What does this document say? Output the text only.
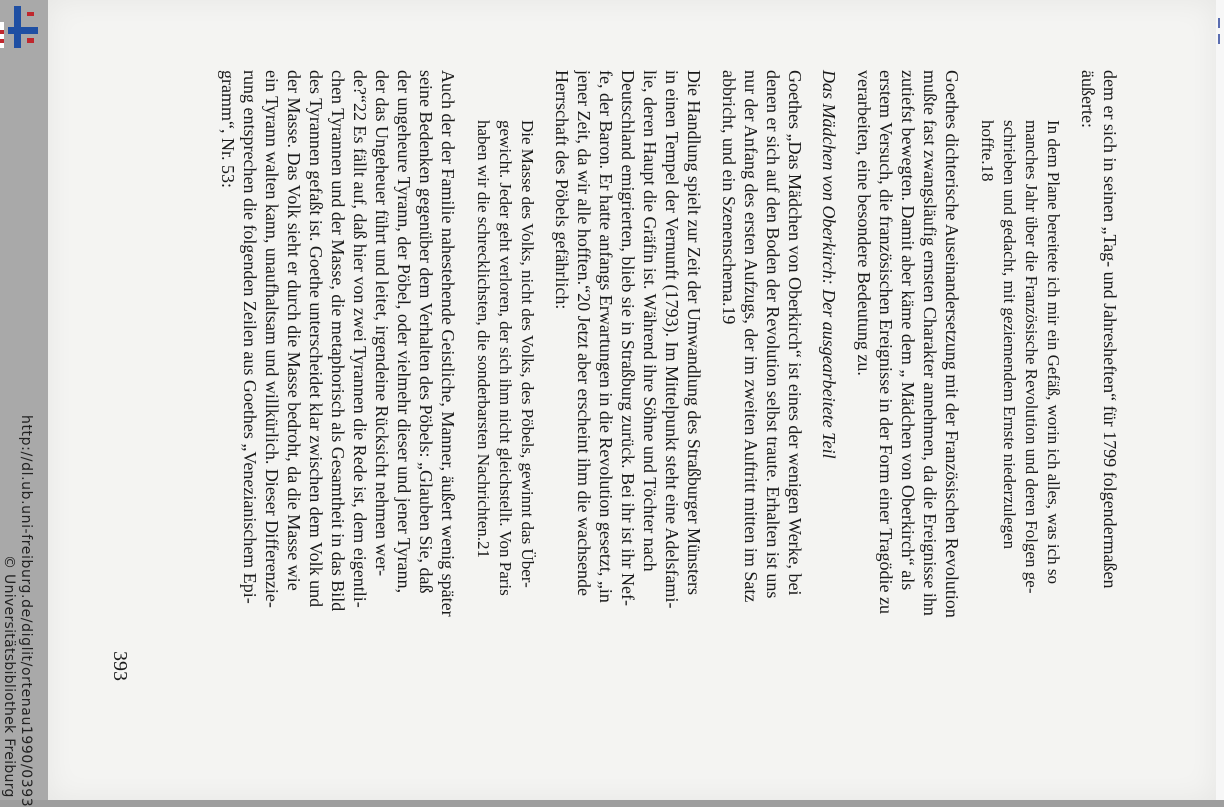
http://dl.ub.uni-freiburg.de/diglit/ortenau1990/0393
© Universitätsbibliothek Freiburg
dem er sich in seinen „Tag- und Jahresheften“ für 1799 folgendermaßen
äußerte:
In dem Plane bereitete ich mir ein Gefäß, worin ich alles, was ich so
manches Jahr über die Französische Revolution und deren Folgen ge-
schrieben und gedacht, mit geziemendem Ernste niederzulegen
hoffte.18
Goethes dichterische Auseinandersetzung mit der Französischen Revolution
mußte fast zwangsläufig ernsten Charakter annehmen, da die Ereignisse ihn
zutiefst bewegten. Damit aber käme dem „ Mädchen von Oberkirch“ als
erstem Versuch, die französischen Ereignisse in der Form einer Tragödie zu
verarbeiten, eine besondere Bedeutung zu.
Das Mädchen von Oberkirch: Der ausgearbeitete Teil
Goethes „Das Mädchen von Oberkirch“ ist eines der wenigen Werke, bei
denen er sich auf den Boden der Revolution selbst traute. Erhalten ist uns
nur der Anfang des ersten Aufzugs, der im zweiten Auftritt mitten im Satz
abbricht, und ein Szenenschema.19
Die Handlung spielt zur Zeit der Umwandlung des Straßburger Münsters
in einen Tempel der Vernunft (1793). Im Mittelpunkt steht eine Adelsfami-
lie, deren Haupt die Gräfin ist. Während ihre Söhne und Töchter nach
Deutschland emigrierten, blieb sie in Straßburg zurück. Bei ihr ist ihr Nef-
fe, der Baron. Er hatte anfangs Erwartungen in die Revolution gesetzt, „in
jener Zeit, da wir alle hofften.“20 Jetzt aber erscheint ihm die wachsende
Herrschaft des Pöbels gefährlich:
Die Masse des Volks, nicht des Volks, des Pöbels, gewinnt das Über-
gewicht. Jeder geht verloren, der sich ihm nicht gleichstellt. Von Paris
haben wir die schrecklichsten, die sonderbarsten Nachrichten.21
Auch der der Familie nahestehende Geistliche, Manner, äußert wenig später
seine Bedenken gegenüber dem Verhalten des Pöbels: „Glauben Sie, daß
der ungeheure Tyrann, der Pöbel, oder vielmehr dieser und jener Tyrann,
der das Ungeheuer führt und leitet, irgendeine Rücksicht nehmen wer-
de?“22 Es fällt auf, daß hier von zwei Tyrannen die Rede ist, dem eigentli-
chen Tyrannen und der Masse, die metaphorisch als Gesamtheit in das Bild
des Tyrannen gefaßt ist. Goethe unterscheidet klar zwischen dem Volk und
der Masse. Das Volk sieht er durch die Masse bedroht, da die Masse wie
ein Tyrann walten kann, unaufhaltsam und willkürlich. Dieser Differenzie-
rung entsprechen die folgenden Zeilen aus Goethes „Venezianischem Epi-
gramm“, Nr. 53:
393
